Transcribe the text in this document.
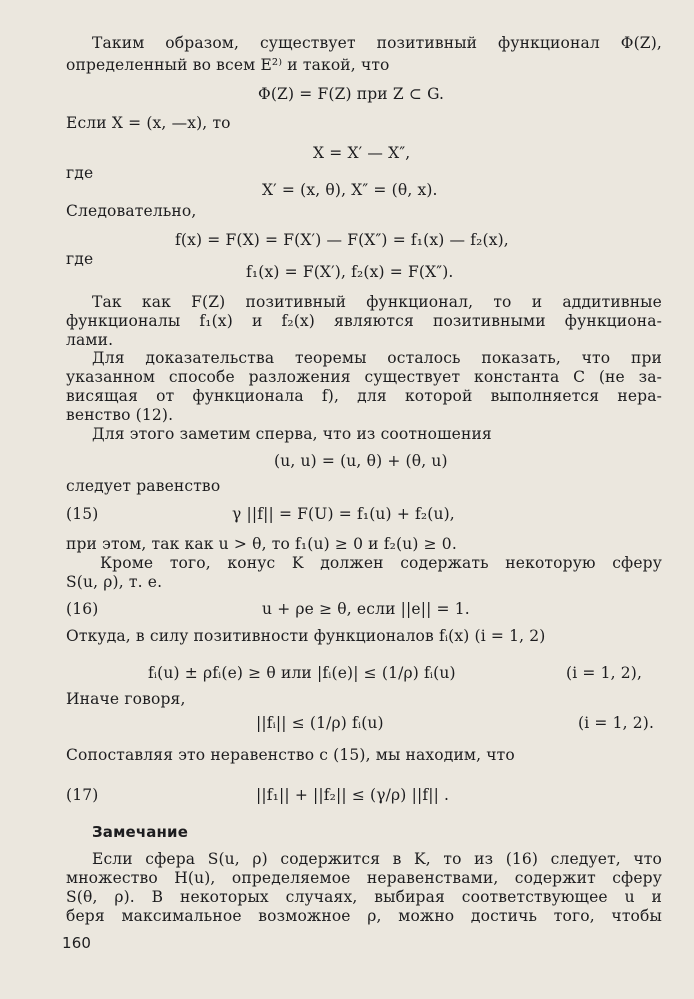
Таким образом, существует позитивный функционал Φ(Z),
определенный во всем E²⁾ и такой, что
Φ(Z) = F(Z) при Z ⊂ G.
Если X = (x, —x), то
X = X′ — X″,
где
X′ = (x, θ), X″ = (θ, x).
Следовательно,
f(x) = F(X) = F(X′) — F(X″) = f₁(x) — f₂(x),
где
f₁(x) = F(X′), f₂(x) = F(X″).
Так как F(Z) позитивный функционал, то и аддитивные
функционалы f₁(x) и f₂(x) являются позитивными функциона-
лами.
Для доказательства теоремы осталось показать, что при
указанном способе разложения существует константа C (не за-
висящая от функционала f), для которой выполняется нера-
венство (12).
Для этого заметим сперва, что из соотношения
(u, u) = (u, θ) + (θ, u)
следует равенство
(15)	γ ||f|| = F(U) = f₁(u) + f₂(u),
при этом, так как u > θ, то f₁(u) ≥ 0 и f₂(u) ≥ 0.
Кроме того, конус K должен содержать некоторую сферу
S(u, ρ), т. е.
(16)	u + ρe ≥ θ, если ||e|| = 1.
Откуда, в силу позитивности функционалов fᵢ(x) (i = 1, 2)
fᵢ(u) ± ρfᵢ(e) ≥ θ или |fᵢ(e)| ≤ (1/ρ) fᵢ(u)	(i = 1, 2),
Иначе говоря,
||fᵢ|| ≤ (1/ρ) fᵢ(u)	(i = 1, 2).
Сопоставляя это неравенство с (15), мы находим, что
(17)	||f₁|| + ||f₂|| ≤ (γ/ρ) ||f|| .
Замечание
Если сфера S(u, ρ) содержится в K, то из (16) следует, что
множество H(u), определяемое неравенствами, содержит сферу
S(θ, ρ). В некоторых случаях, выбирая соответствующее u и
беря максимальное возможное ρ, можно достичь того, чтобы
160
